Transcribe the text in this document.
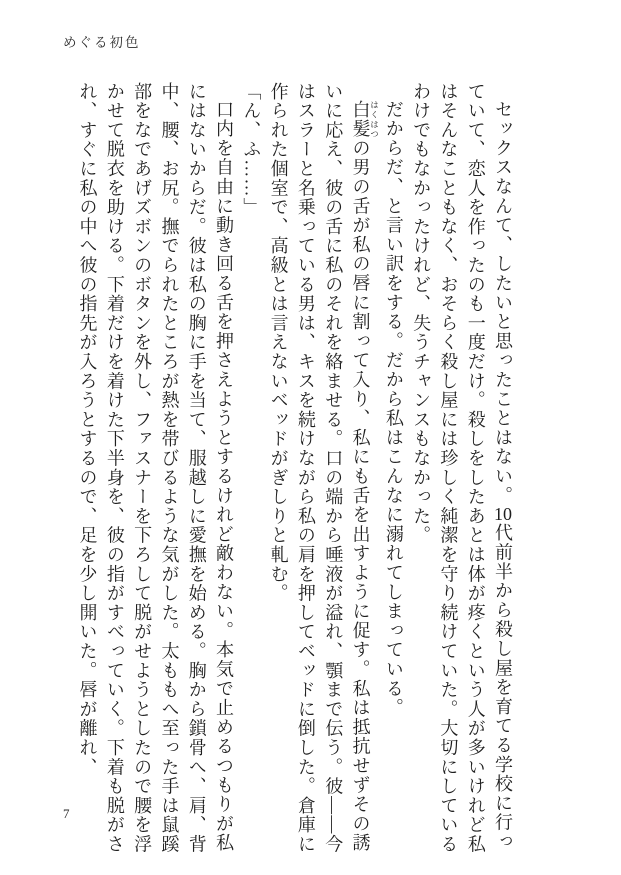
めぐる初色

セックスなんて、したいと思ったことはない。10代前半から殺し屋を育てる学校に行っていて、恋人を作ったのも一度だけ。殺しをしたあとは体が疼くという人が多いけれど私はそんなこともなく、おそらく殺し屋には珍しく純潔を守り続けていた。大切にしているわけでもなかったけれど、失うチャンスもなかった。

だからだ、と言い訳をする。だから私はこんなに溺れてしまっている。

白髪 はくはつの男の舌が私の唇に割って入り、私にも舌を出すように促す。私は抵抗せずその誘いに応え、彼の舌に私のそれを絡ませる。口の端から唾液が溢れ、顎まで伝う。彼――今はスラーと名乗っている男は、キスを続けながら私の肩を押してベッドに倒した。倉庫に作られた個室で、高級とは言えないベッドがぎしりと軋む。

「ん、ふ……」

口内を自由に動き回る舌を押さえようとするけれど敵わない。本気で止めるつもりが私にはないからだ。彼は私の胸に手を当て、服越しに愛撫を始める。胸から鎖骨へ、肩、背中、腰、お尻。撫でられたところが熱を帯びるような気がした。太ももへ至った手は鼠蹊部をなであげズボンのボタンを外し、ファスナーを下ろして脱がせようとしたので腰を浮かせて脱衣を助ける。下着だけを着けた下半身を、彼の指がすべっていく。下着も脱がされ、すぐに私の中へ彼の指先が入ろうとするので、足を少し開いた。唇が離れ、

7
